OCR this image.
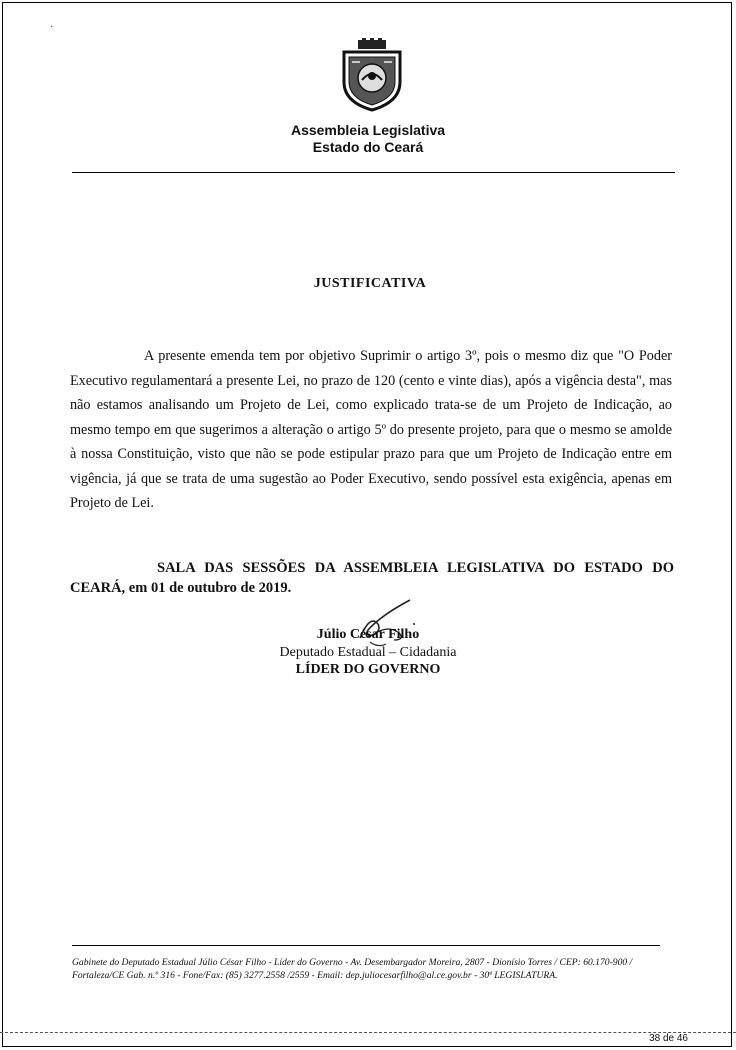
·
Assembleia Legislativa
Estado do Ceará
JUSTIFICATIVA
A presente emenda tem por objetivo Suprimir o artigo 3º, pois o mesmo diz que "O Poder Executivo regulamentará a presente Lei, no prazo de 120 (cento e vinte dias), após a vigência desta", mas não estamos analisando um Projeto de Lei, como explicado trata-se de um Projeto de Indicação, ao mesmo tempo em que sugerimos a alteração o artigo 5º do presente projeto, para que o mesmo se amolde à nossa Constituição, visto que não se pode estipular prazo para que um Projeto de Indicação entre em vigência, já que se trata de uma sugestão ao Poder Executivo, sendo possível esta exigência, apenas em Projeto de Lei.
SALA DAS SESSÕES DA ASSEMBLEIA LEGISLATIVA DO ESTADO DO CEARÁ, em 01 de outubro de 2019.
Júlio César Filho
Deputado Estadual – Cidadania
LÍDER DO GOVERNO
Gabinete do Deputado Estadual Júlio César Filho - Líder do Governo - Av. Desembargador Moreira, 2807 - Dionísio Torres / CEP: 60.170-900 /
Fortaleza/CE Gab. n.º 316 - Fone/Fax: (85) 3277.2558 /2559 - Email: dep.juliocesarfilho@al.ce.gov.br - 30ª LEGISLATURA.
38 de 46
